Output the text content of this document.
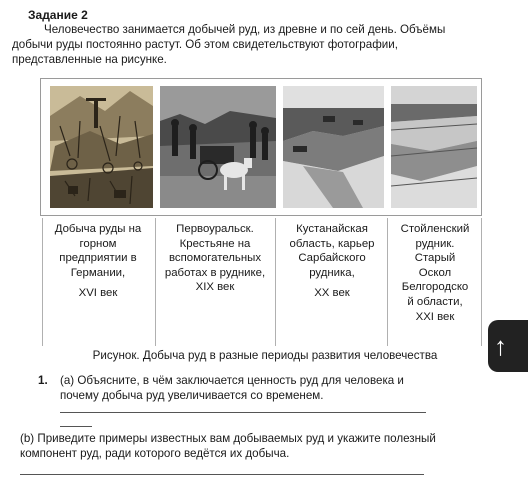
Задание 2
Человечество занимается добычей руд, из древне и по сей день. Объёмы добычи руды постоянно растут. Об этом свидетельствуют фотографии, представленные на рисунке.
Добыча руды на
горном
предприятии в
Германии,
XVI век
Первоуральск.
Крестьяне на
вспомогательных
работах в руднике,
XIX век
Кустанайская
область, карьер
Сарбайского
рудника,
XX век
Стойленский
рудник.
Старый
Оскол
Белгородско
й области,
XXI век
Рисунок. Добыча руд в разные периоды развития человечества
1. (a) Объясните, в чём заключается ценность руд для человека и почему добыча руд увеличивается со временем.
(b) Приведите примеры известных вам добываемых руд и укажите полезный компонент руд, ради которого ведётся их добыча.
↑
